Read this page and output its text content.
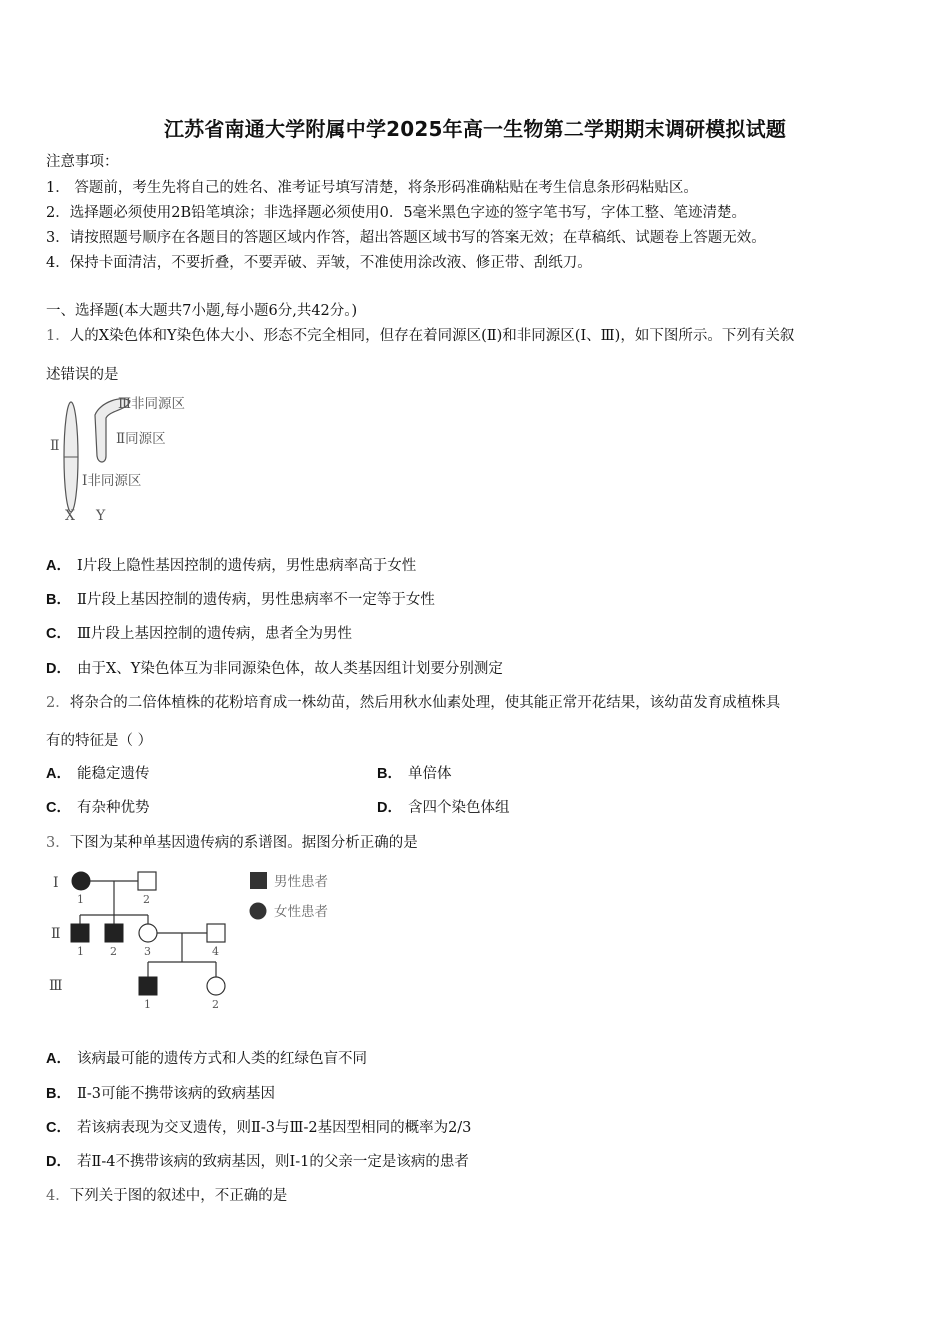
江苏省南通大学附属中学2025年高一生物第二学期期末调研模拟试题
注意事项：
1． 答题前，考生先将自己的姓名、准考证号填写清楚，将条形码准确粘贴在考生信息条形码粘贴区。
2．选择题必须使用2B铅笔填涂；非选择题必须使用0．5毫米黑色字迹的签字笔书写，字体工整、笔迹清楚。
3．请按照题号顺序在各题目的答题区域内作答，超出答题区域书写的答案无效；在草稿纸、试题卷上答题无效。
4．保持卡面清洁，不要折叠，不要弄破、弄皱，不准使用涂改液、修正带、刮纸刀。
一、选择题(本大题共7小题,每小题6分,共42分。)
1．人的X染色体和Y染色体大小、形态不完全相同，但存在着同源区(Ⅱ)和非同源区(Ⅰ、Ⅲ)，如下图所示。下列有关叙
述错误的是
Ⅱ
Ⅲ非同源区
Ⅱ同源区
Ⅰ非同源区
X Y
A． Ⅰ片段上隐性基因控制的遗传病，男性患病率高于女性
B． Ⅱ片段上基因控制的遗传病，男性患病率不一定等于女性
C． Ⅲ片段上基因控制的遗传病，患者全为男性
D． 由于X、Y染色体互为非同源染色体，故人类基因组计划要分别测定
2．将杂合的二倍体植株的花粉培育成一株幼苗，然后用秋水仙素处理，使其能正常开花结果，该幼苗发育成植株具
有的特征是（ ）
A． 能稳定遗传	B． 单倍体
C． 有杂种优势	D． 含四个染色体组
3．下图为某种单基因遗传病的系谱图。据图分析正确的是
Ⅰ
Ⅱ
Ⅲ
1	2
1 2 3	4
1	2
男性患者
女性患者
A． 该病最可能的遗传方式和人类的红绿色盲不同
B． Ⅱ-3可能不携带该病的致病基因
C． 若该病表现为交叉遗传，则Ⅱ-3与Ⅲ-2基因型相同的概率为2/3
D． 若Ⅱ-4不携带该病的致病基因，则Ⅰ-1的父亲一定是该病的患者
4．下列关于图的叙述中，不正确的是
